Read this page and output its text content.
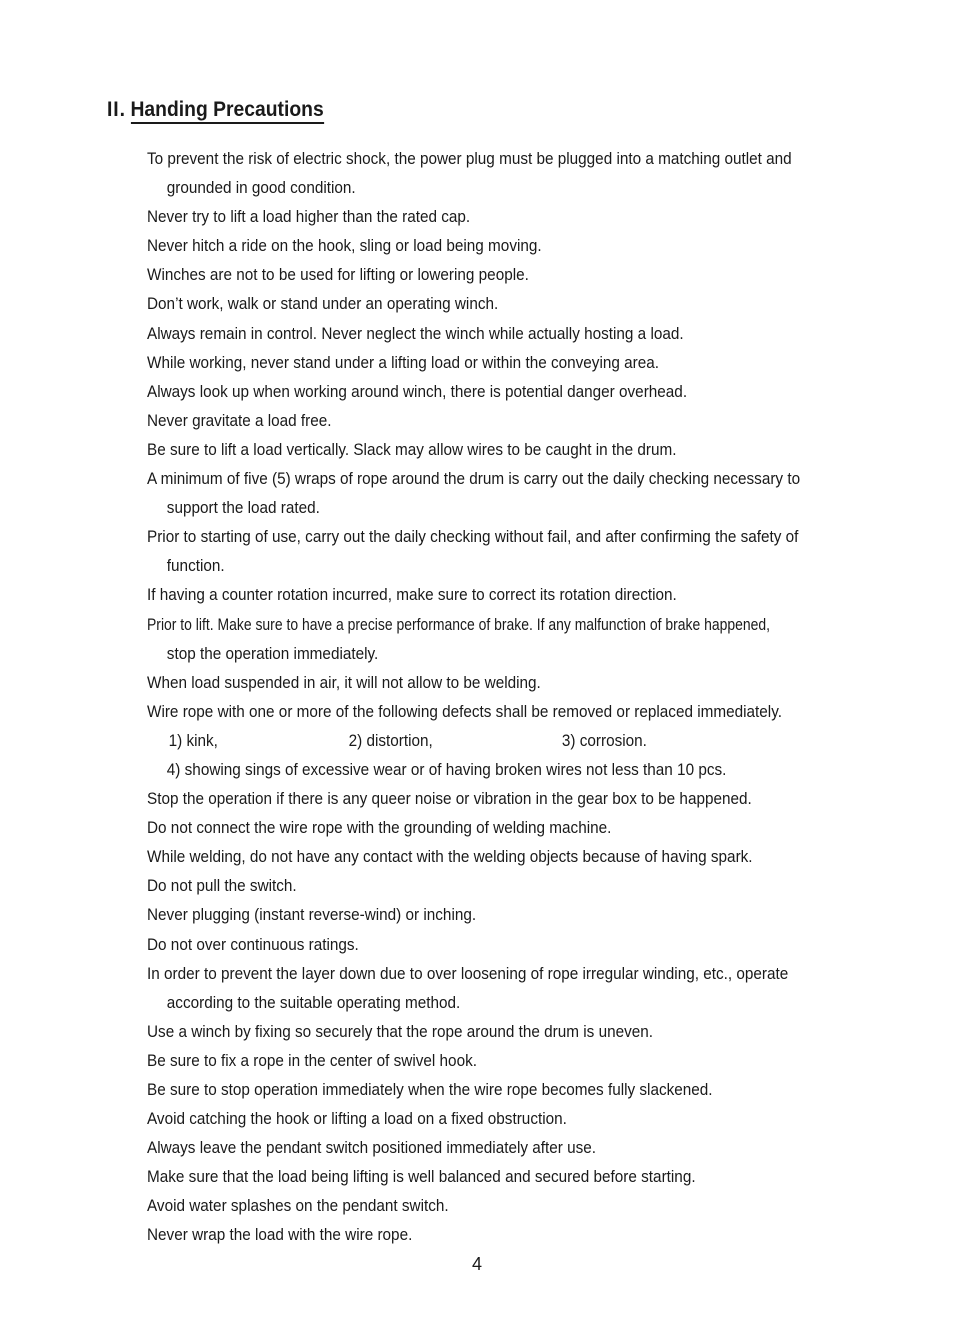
II. Handing Precautions
To prevent the risk of electric shock, the power plug must be plugged into a matching outlet and
grounded in good condition.
Never try to lift a load higher than the rated cap.
Never hitch a ride on the hook, sling or load being moving.
Winches are not to be used for lifting or lowering people.
Don’t work, walk or stand under an operating winch.
Always remain in control. Never neglect the winch while actually hosting a load.
While working, never stand under a lifting load or within the conveying area.
Always look up when working around winch, there is potential danger overhead.
Never gravitate a load free.
Be sure to lift a load vertically. Slack may allow wires to be caught in the drum.
A minimum of five (5) wraps of rope around the drum is carry out the daily checking necessary to
support the load rated.
Prior to starting of use, carry out the daily checking without fail, and after confirming the safety of
function.
If having a counter rotation incurred, make sure to correct its rotation direction.
Prior to lift. Make sure to have a precise performance of brake. If any malfunction of brake happened,
stop the operation immediately.
When load suspended in air, it will not allow to be welding.
Wire rope with one or more of the following defects shall be removed or replaced immediately.
1) kink,	2) distortion,	3) corrosion.
4) showing sings of excessive wear or of having broken wires not less than 10 pcs.
Stop the operation if there is any queer noise or vibration in the gear box to be happened.
Do not connect the wire rope with the grounding of welding machine.
While welding, do not have any contact with the welding objects because of having spark.
Do not pull the switch.
Never plugging (instant reverse-wind) or inching.
Do not over continuous ratings.
In order to prevent the layer down due to over loosening of rope irregular winding, etc., operate
according to the suitable operating method.
Use a winch by fixing so securely that the rope around the drum is uneven.
Be sure to fix a rope in the center of swivel hook.
Be sure to stop operation immediately when the wire rope becomes fully slackened.
Avoid catching the hook or lifting a load on a fixed obstruction.
Always leave the pendant switch positioned immediately after use.
Make sure that the load being lifting is well balanced and secured before starting.
Avoid water splashes on the pendant switch.
Never wrap the load with the wire rope.
4
